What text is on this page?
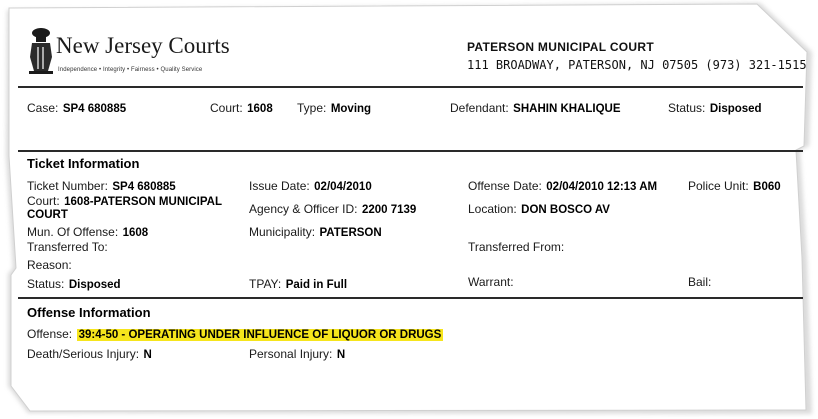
New Jersey Courts
Independence • Integrity • Fairness • Quality Service
PATERSON MUNICIPAL COURT
111 BROADWAY, PATERSON, NJ 07505 (973) 321-1515
Case: SP4 680885	Court: 1608 Type: Moving	Defendant: SHAHIN KHALIQUE	Status: Disposed
Ticket Information
Ticket Number: SP4 680885	Issue Date: 02/04/2010	Offense Date: 02/04/2010 12:13 AM	Police Unit: B060
Court: 1608-PATERSON MUNICIPAL
COURT	Agency & Officer ID: 2200 7139	Location: DON BOSCO AV
Mun. Of Offense: 1608	Municipality: PATERSON
Transferred To:	Transferred From:
Reason:
Status: Disposed	TPAY: Paid in Full	Warrant:	Bail:
Offense Information
Offense: 39:4-50 - OPERATING UNDER INFLUENCE OF LIQUOR OR DRUGS
Death/Serious Injury: N	Personal Injury: N
